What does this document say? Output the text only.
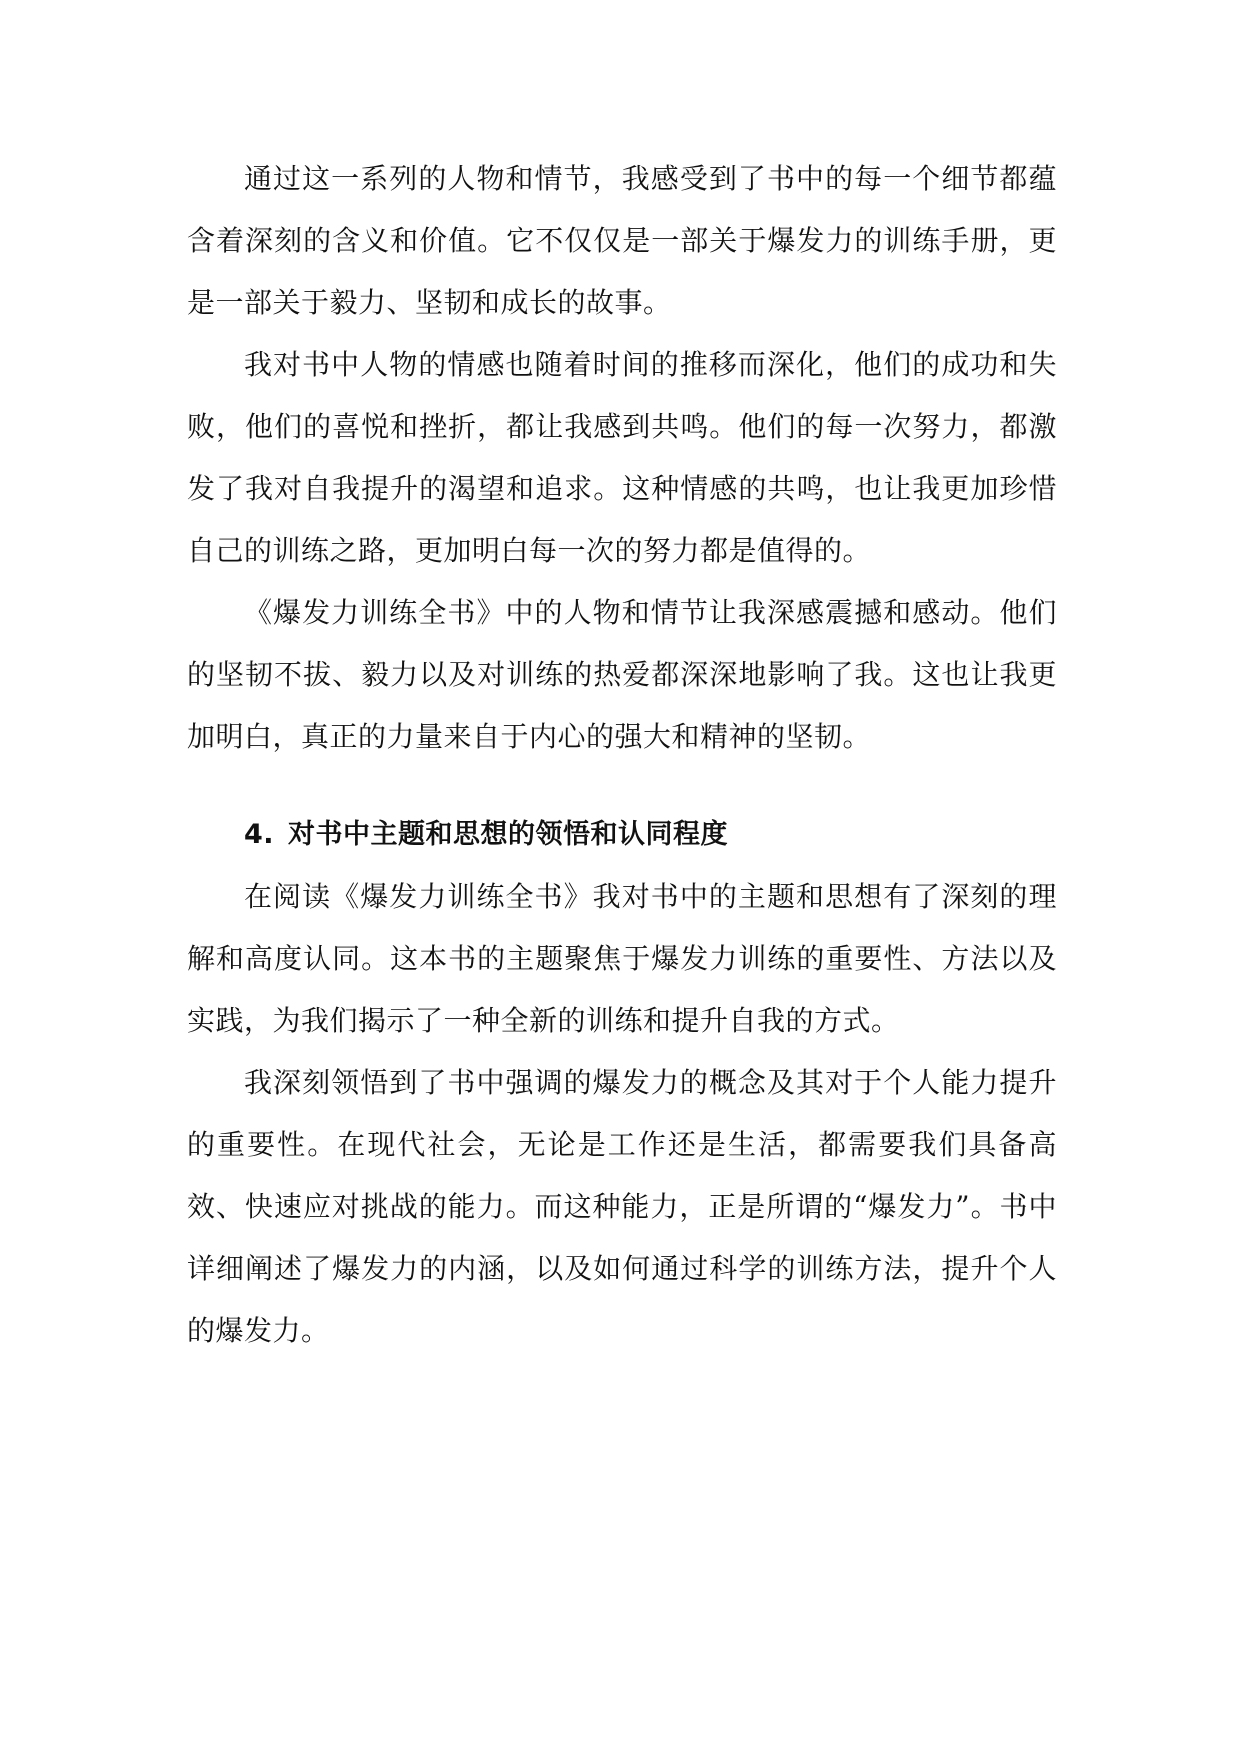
通过这一系列的人物和情节，我感受到了书中的每一个细节都蕴含着深刻的含义和价值。它不仅仅是一部关于爆发力的训练手册，更是一部关于毅力、坚韧和成长的故事。

我对书中人物的情感也随着时间的推移而深化，他们的成功和失败，他们的喜悦和挫折，都让我感到共鸣。他们的每一次努力，都激发了我对自我提升的渴望和追求。这种情感的共鸣，也让我更加珍惜自己的训练之路，更加明白每一次的努力都是值得的。

《爆发力训练全书》中的人物和情节让我深感震撼和感动。他们的坚韧不拔、毅力以及对训练的热爱都深深地影响了我。这也让我更加明白，真正的力量来自于内心的强大和精神的坚韧。

4. 对书中主题和思想的领悟和认同程度

在阅读《爆发力训练全书》我对书中的主题和思想有了深刻的理解和高度认同。这本书的主题聚焦于爆发力训练的重要性、方法以及实践，为我们揭示了一种全新的训练和提升自我的方式。

我深刻领悟到了书中强调的爆发力的概念及其对于个人能力提升的重要性。在现代社会，无论是工作还是生活，都需要我们具备高效、快速应对挑战的能力。而这种能力，正是所谓的“爆发力”。书中详细阐述了爆发力的内涵，以及如何通过科学的训练方法，提升个人的爆发力。
